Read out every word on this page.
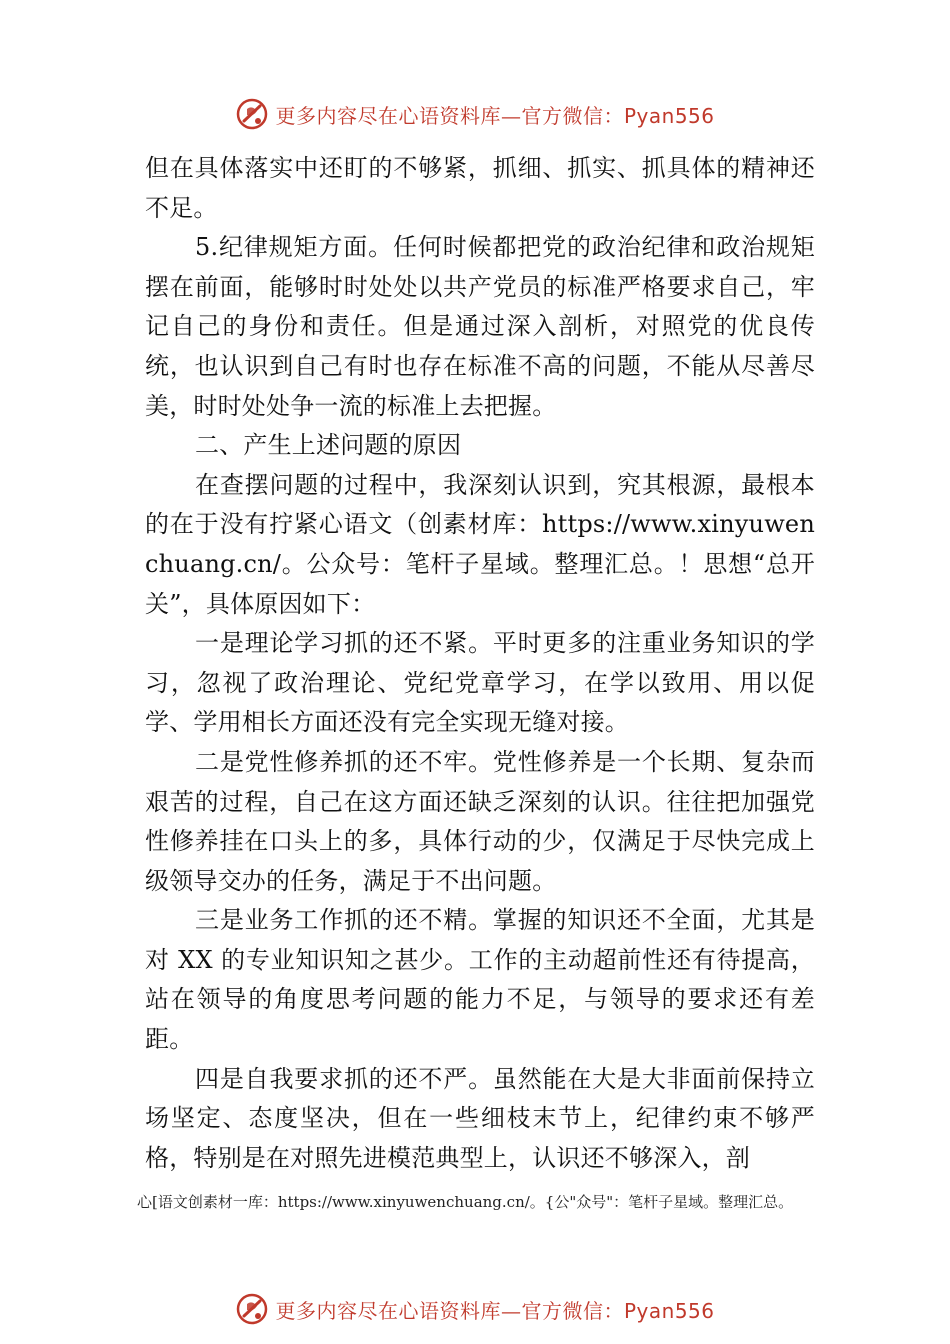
更多内容尽在心语资料库—官方微信：Pyan556

但在具体落实中还盯的不够紧，抓细、抓实、抓具体的精神还不足。

5.纪律规矩方面。任何时候都把党的政治纪律和政治规矩摆在前面，能够时时处处以共产党员的标准严格要求自己，牢记自己的身份和责任。但是通过深入剖析，对照党的优良传统，也认识到自己有时也存在标准不高的问题，不能从尽善尽美，时时处处争一流的标准上去把握。

二、产生上述问题的原因

在查摆问题的过程中，我深刻认识到，究其根源，最根本的在于没有拧紧心语文（创素材库：https://www.xinyuwenchuang.cn/。公众号：笔杆子星域。整理汇总。！思想“总开关”，具体原因如下：

一是理论学习抓的还不紧。平时更多的注重业务知识的学习，忽视了政治理论、党纪党章学习，在学以致用、用以促学、学用相长方面还没有完全实现无缝对接。

二是党性修养抓的还不牢。党性修养是一个长期、复杂而艰苦的过程，自己在这方面还缺乏深刻的认识。往往把加强党性修养挂在口头上的多，具体行动的少，仅满足于尽快完成上级领导交办的任务，满足于不出问题。

三是业务工作抓的还不精。掌握的知识还不全面，尤其是对 XX 的专业知识知之甚少。工作的主动超前性还有待提高，站在领导的角度思考问题的能力不足，与领导的要求还有差距。

四是自我要求抓的还不严。虽然能在大是大非面前保持立场坚定、态度坚决，但在一些细枝末节上，纪律约束不够严格，特别是在对照先进模范典型上，认识还不够深入，剖

心[语文创素材一库：https://www.xinyuwenchuang.cn/。{公"众号"：笔杆子星域。整理汇总。
更多内容尽在心语资料库—官方微信：Pyan556
